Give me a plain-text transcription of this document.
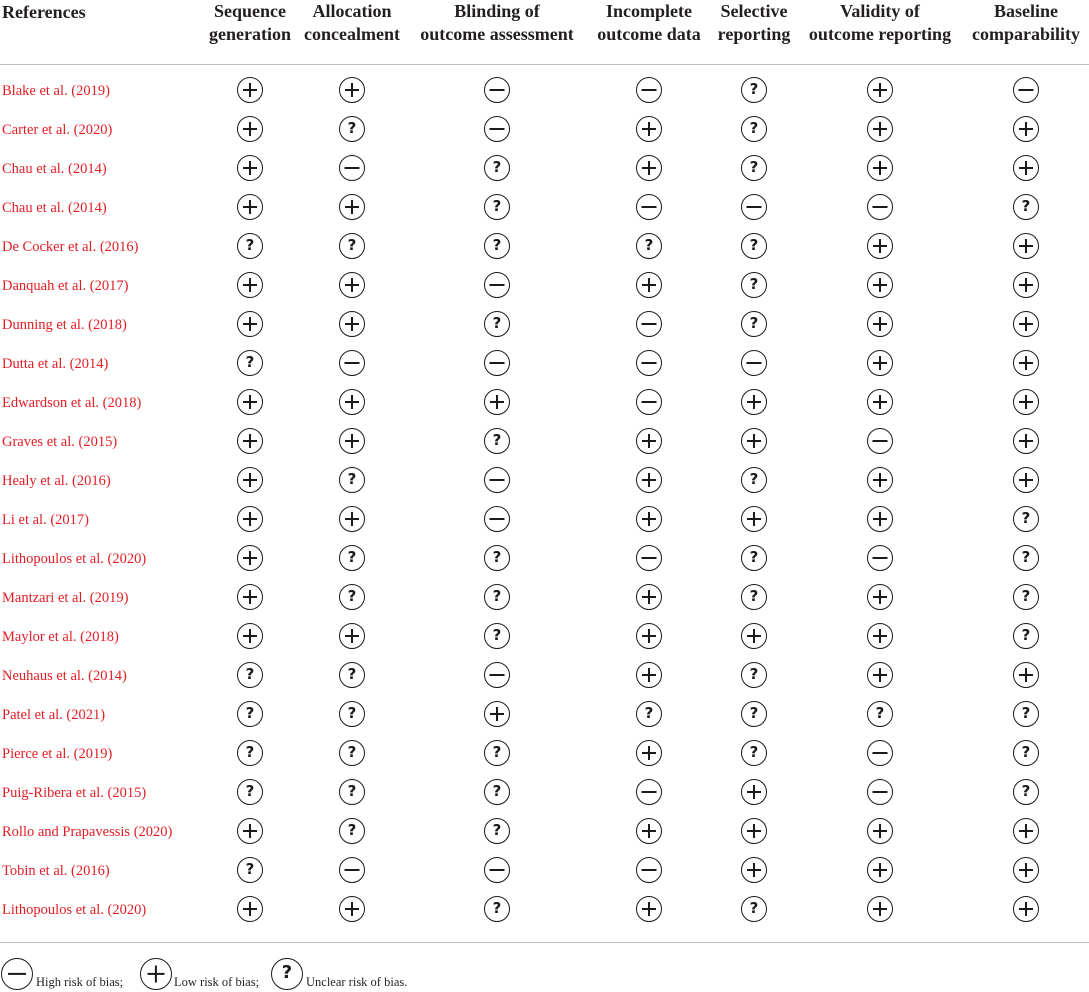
References	Sequence
generation
Allocation
concealment
Blinding of
outcome assessment
Incomplete
outcome data
Selective
reporting
Validity of
outcome reporting
Baseline
comparability
Blake et al. (2019)
?
Carter et al. (2020)
?
?
Chau et al. (2014)
?
?
Chau et al. (2014)
?
?
De Cocker et al. (2016)
?
?
?
?
?
Danquah et al. (2017)
?
Dunning et al. (2018)
?
?
Dutta et al. (2014)
?
Edwardson et al. (2018)
Graves et al. (2015)
?
Healy et al. (2016)
?
?
Li et al. (2017)
?
Lithopoulos et al. (2020)
?
?
?
?
Mantzari et al. (2019)
?
?
?
?
Maylor et al. (2018)
?
?
Neuhaus et al. (2014)
?
?
?
Patel et al. (2021)
?
?
?
?
?
?
Pierce et al. (2019)
?
?
?
?
?
Puig-Ribera et al. (2015)
?
?
?
?
Rollo and Prapavessis (2020)
?
?
Tobin et al. (2016)
?
Lithopoulos et al. (2020)
?
?
High risk of bias;	Low risk of bias;
?	Unclear risk of bias.
